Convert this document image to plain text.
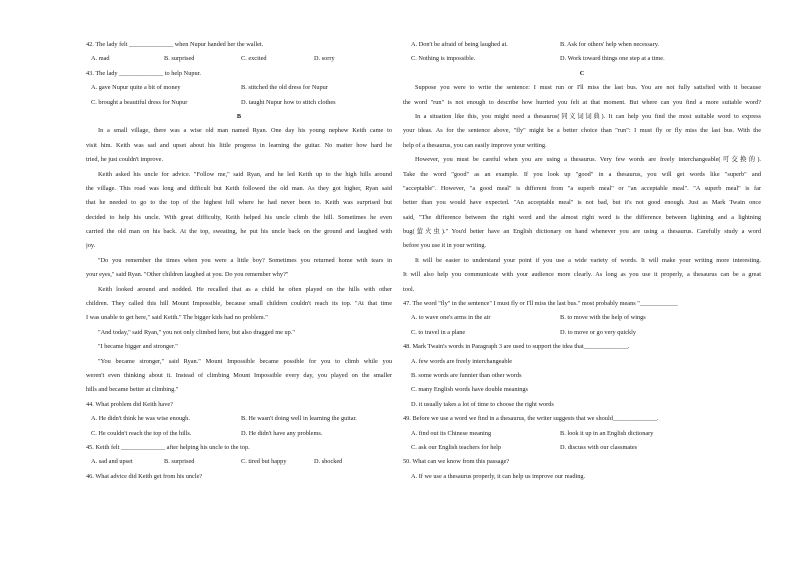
42. The lady felt ______________ when Nupur handed her the wallet.
A. mad	B. surprised	C. excited	D. sorry
43. The lady ______________ to help Nupur.
A. gave Nupur quite a bit of money	B. stitched the old dress for Nupur
C. brought a beautiful dress for Nupur	D. taught Nupur how to stitch clothes
B
In a small village, there was a wise old man named Ryan. One day his young nephew Keith came to
visit him. Keith was sad and upset about his little progress in learning the guitar. No matter how hard he
tried, he just couldn't improve.
Keith asked his uncle for advice. "Follow me," said Ryan, and he led Keith up to the high hills around
the village. This road was long and difficult but Keith followed the old man. As they got higher, Ryan said
that he needed to go to the top of the highest hill where he had never been to. Keith was surprised but
decided to help his uncle. With great difficulty, Keith helped his uncle climb the hill. Sometimes he even
carried the old man on his back. At the top, sweating, he put his uncle back on the ground and laughed with
joy.
"Do you remember the times when you were a little boy? Sometimes you returned home with tears in
your eyes," said Ryan. "Other children laughed at you. Do you remember why?"
Keith looked around and nodded. He recalled that as a child he often played on the hills with other
children. They called this hill Mount Impossible, because small children couldn't reach its top. "At that time
I was unable to get here," said Keith." The bigger kids had no problem."
"And today," said Ryan," you not only climbed here, but also dragged me up."
"I became bigger and stronger."
"You became stronger," said Ryan." Mount Impossible became possible for you to climb while you
weren't even thinking about it. Instead of climbing Mount Impossible every day, you played on the smaller
hills and became better at climbing."
44. What problem did Keith have?
A. He didn't think he was wise enough.	B. He wasn't doing well in learning the guitar.
C. He couldn't reach the top of the hills.	D. He didn't have any problems.
45. Keith felt ______________ after helping his uncle to the top.
A. sad and upset	B. surprised	C. tired but happy	D. shocked
46. What advice did Keith get from his uncle?
A. Don't be afraid of being laughed at.	B. Ask for others' help when necessary.
C. Nothing is impossible.	D. Work toward things one step at a time.
C
Suppose you were to write the sentence: I must run or I'll miss the last bus. You are not fully satisfied with it because
the word "run" is not enough to describe how hurried you felt at that moment. But where can you find a more suitable word?
In a situation like this, you might need a thesaurus(同义词词典). It can help you find the most suitable word to express
your ideas. As for the sentence above, "fly" might be a better choice than "run": I must fly or fly miss the last bus. With the
help of a thesaurus, you can easily improve your writing.
However, you must be careful when you are using a thesaurus. Very few words are freely interchangeable(可交换的).
Take the word "good" as an example. If you look up "good" in a thesaurus, you will get words like "superb" and
"acceptable". However, "a good meal" is different from "a superb meal" or "an acceptable meal". "A superb meal" is far
better than you would have expected. "An acceptable meal" is not bad, but it's not good enough. Just as Mark Twain once
said, "The difference between the right word and the almost right word is the difference between lightning and a lightning
bug(萤火虫)." You'd better have an English dictionary on hand whenever you are using a thesaurus. Carefully study a word
before you use it in your writing.
It will be easier to understand your point if you use a wide variety of words. It will make your writing more interesting.
It will also help you communicate with your audience more clearly. As long as you use it properly, a thesaurus can be a great
tool.
47. The word "fly" in the sentence" I must fly or I'll miss the last bus." most probably means "____________
A. to wave one's arms in the air	B. to move with the help of wings
C. to travel in a plane	D. to move or go very quickly
48. Mark Twain's words in Paragraph 3 are used to support the idea that______________.
A. few words are freely interchangeable
B. some words are funnier than other words
C. many English words have double meanings
D. it usually takes a lot of time to choose the right words
49. Before we use a word we find in a thesaurus, the writer suggests that we should______________.
A. find out its Chinese meaning	B. look it up in an English dictionary
C. ask our English teachers for help	D. discuss with our classmates
50. What can we know from this passage?
A. If we use a thesaurus properly, it can help us improve our reading.
